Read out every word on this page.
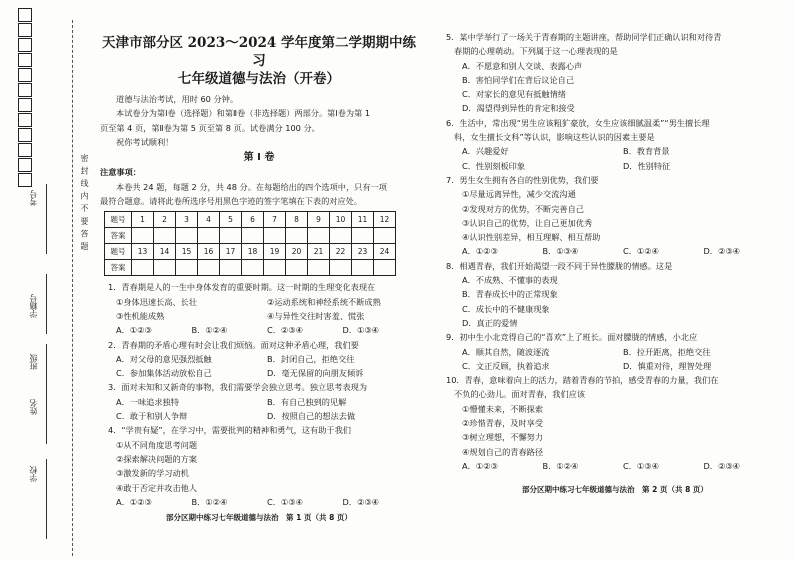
密 封 线 内 不 要 答 题
考号
学籍号
班级
姓名
学校
天津市部分区 2023～2024 学年度第二学期期中练习
七年级道德与法治（开卷）
道德与法治考试，用时 60 分钟。
本试卷分为第Ⅰ卷（选择题）和第Ⅱ卷（非选择题）两部分。第Ⅰ卷为第 1
页至第 4 页，第Ⅱ卷为第 5 页至第 8 页。试卷满分 100 分。
祝你考试顺利！
第 Ⅰ 卷
注意事项：
本卷共 24 题，每题 2 分，共 48 分。在每题给出的四个选项中，只有一项
最符合题意。请将此卷所选序号用黑色字迹的签字笔填在下表的对应处。
题号	1	2	3	4	5	6	7	8	9	10	11	12
答案												
题号	13	14	15	16	17	18	19	20	21	22	23	24
答案												
1．青春期是人的一生中身体发育的重要时期。这一时期的生理变化表现在
①身体迅速长高、长壮	②运动系统和神经系统不断成熟
③性机能成熟	④与异性交往时害羞、慌张
A．①②③	B．①②④	C．②③④	D．①③④
2．青春期的矛盾心理有时会让我们烦恼。面对这种矛盾心理，我们要
A．对父母的意见强烈抵触	B．封闭自己，拒绝交往
C．参加集体活动放松自己	D．毫无保留的向朋友倾诉
3．面对未知和又新奇的事物，我们需要学会独立思考。独立思考表现为
A．一味追求独特	B．有自己独到的见解
C．敢于和别人争辩	D．按照自己的想法去做
4．“学贵有疑”，在学习中，需要批判的精神和勇气，这有助于我们
①从不同角度思考问题
②探索解决问题的方案
③激发新的学习动机
④敢于否定并攻击他人
A．①②③	B．①②④	C．①③④	D．②③④
部分区期中练习七年级道德与法治　第 1 页（共 8 页）
5．某中学举行了一场关于青春期的主题讲座，帮助同学们正确认识和对待青
春期的心理萌动。下列属于这一心理表现的是
A．不愿意和别人交谈、表露心声
B．害怕同学们在背后议论自己
C．对家长的意见有抵触情绪
D．渴望得到异性的肯定和接受
6．生活中，常出现“男生应该粗犷豪放，女生应该细腻温柔”“男生擅长理
科，女生擅长文科”等认识，影响这些认识的因素主要是
A．兴趣爱好	B．教育背景
C．性别刻板印象	D．性别特征
7．男生女生拥有各自的性别优势，我们要
①尽量远离异性，减少交流沟通
②发现对方的优势，不断完善自己
③认识自己的优势，让自己更加优秀
④认识性别差异，相互理解、相互帮助
A．①②③	B．①③④	C．①②④	D．②③④
8．相遇青春，我们开始渴望一段不同于异性朦胧的情感。这是
A．不成熟、不懂事的表现
B．青春成长中的正常现象
C．成长中的不健康现象
D．真正的爱情
9．初中生小北竞得自己的“喜欢”上了班长。面对朦胧的情感，小北应
A．顺其自然，随波逐流	B．拉开距离，拒绝交往
C．文正反顾，执着追求	D．慎重对待，理智处理
10．青春，意味着向上的活力，踏着青春的节拍，感受青春的力量，我们在
不负的心劲儿。面对青春，我们应该
①懵懂未来，不断探索
②珍惜青春，及时享受
③树立理想，不懈努力
④规划自己的青春路径
A．①②③	B．①②④	C．①③④	D．②③④
部分区期中练习七年级道德与法治　第 2 页（共 8 页）
